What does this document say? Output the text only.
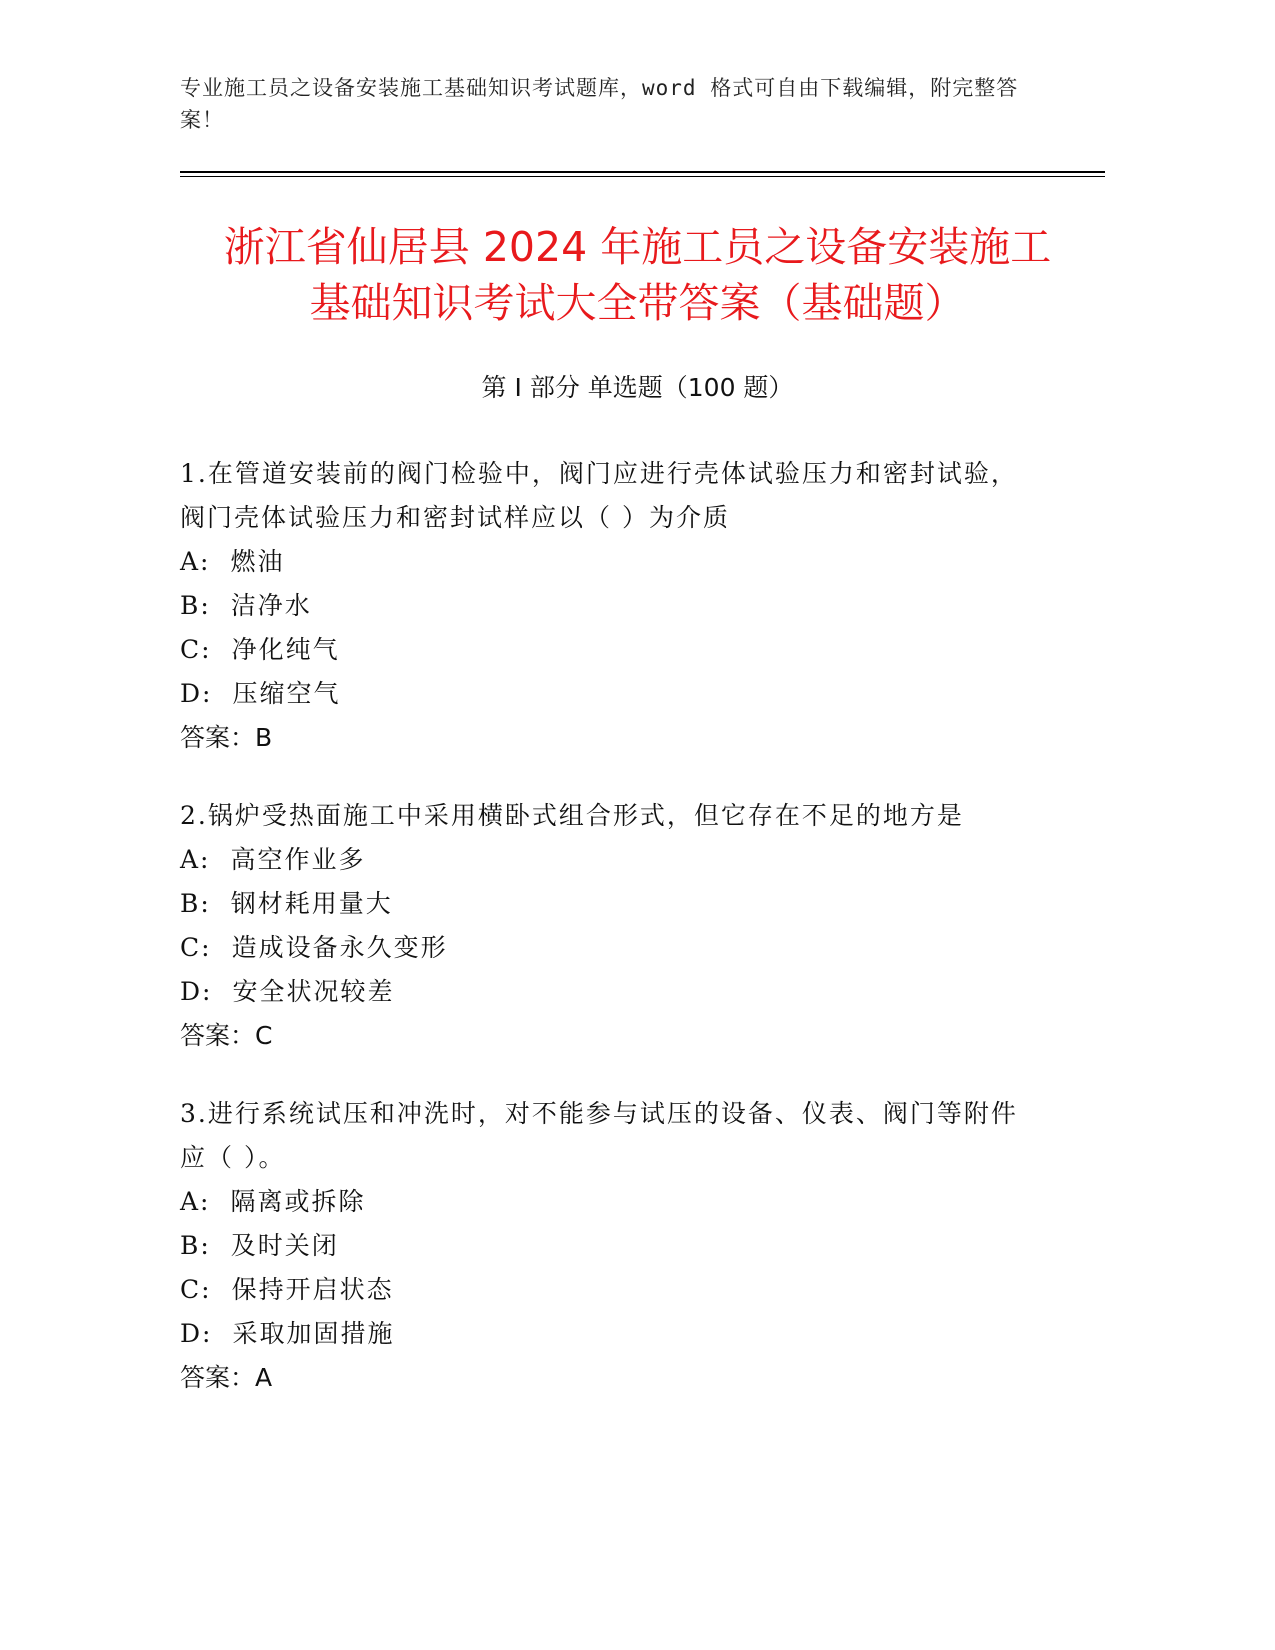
专业施工员之设备安装施工基础知识考试题库，word 格式可自由下载编辑，附完整答案！
浙江省仙居县 2024 年施工员之设备安装施工
基础知识考试大全带答案（基础题）
第 I 部分 单选题（100 题）

1.在管道安装前的阀门检验中，阀门应进行壳体试验压力和密封试验，阀门壳体试验压力和密封试样应以（ ）为介质

A: 燃油

B: 洁净水

C: 净化纯气

D: 压缩空气

答案：B

2.锅炉受热面施工中采用横卧式组合形式，但它存在不足的地方是

A: 高空作业多

B: 钢材耗用量大

C: 造成设备永久变形

D: 安全状况较差

答案：C

3.进行系统试压和冲洗时，对不能参与试压的设备、仪表、阀门等附件应（ ）。

A: 隔离或拆除

B: 及时关闭

C: 保持开启状态

D: 采取加固措施

答案：A
